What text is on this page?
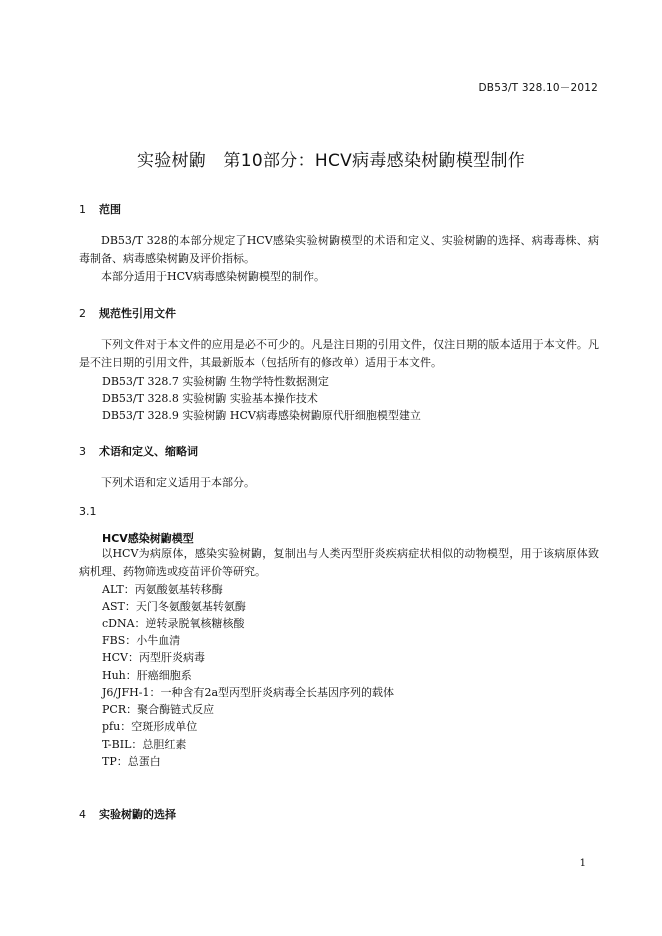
DB53/T 328.10－2012
实验树鼩　第10部分：HCV病毒感染树鼩模型制作
1 范围
DB53/T 328的本部分规定了HCV感染实验树鼩模型的术语和定义、实验树鼩的选择、病毒毒株、病毒制备、病毒感染树鼩及评价指标。
本部分适用于HCV病毒感染树鼩模型的制作。
2 规范性引用文件
下列文件对于本文件的应用是必不可少的。凡是注日期的引用文件，仅注日期的版本适用于本文件。凡是不注日期的引用文件，其最新版本（包括所有的修改单）适用于本文件。
DB53/T 328.7 实验树鼩 生物学特性数据测定
DB53/T 328.8 实验树鼩 实验基本操作技术
DB53/T 328.9 实验树鼩 HCV病毒感染树鼩原代肝细胞模型建立
3 术语和定义、缩略词
下列术语和定义适用于本部分。
3.1
HCV感染树鼩模型
以HCV为病原体，感染实验树鼩，复制出与人类丙型肝炎疾病症状相似的动物模型，用于该病原体致病机理、药物筛选或疫苗评价等研究。
ALT：丙氨酸氨基转移酶
AST：天门冬氨酸氨基转氨酶
cDNA：逆转录脱氧核糖核酸
FBS：小牛血清
HCV：丙型肝炎病毒
Huh：肝癌细胞系
J6/JFH-1：一种含有2a型丙型肝炎病毒全长基因序列的载体
PCR：聚合酶链式反应
pfu：空斑形成单位
T-BIL：总胆红素
TP：总蛋白
4 实验树鼩的选择
1
